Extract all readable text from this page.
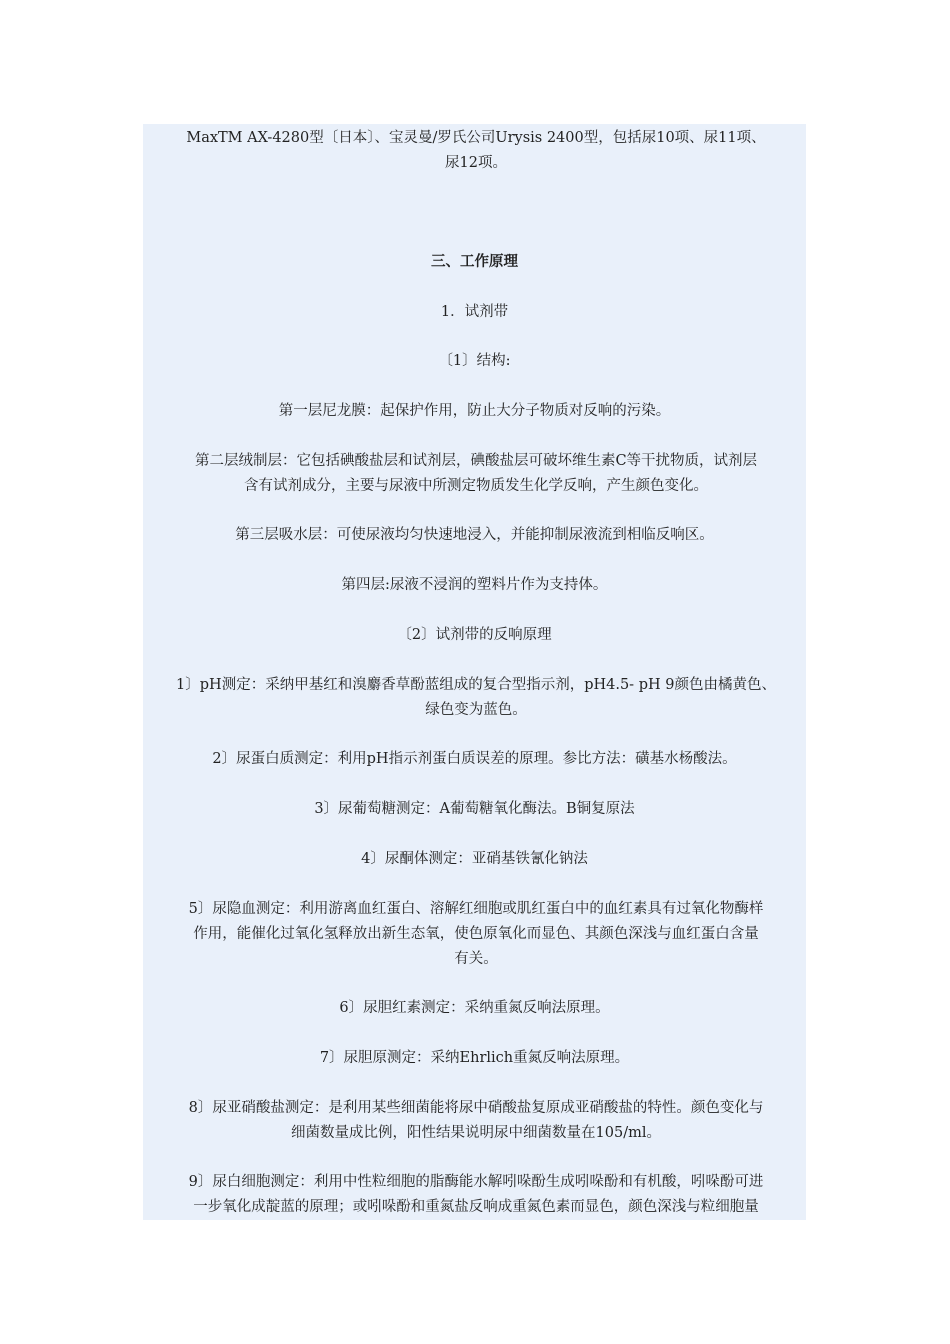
MaxTM AX-4280型〔日本〕、宝灵曼/罗氏公司Urysis 2400型，包括尿10项、尿11项、
尿12项。
三、工作原理
1．试剂带
〔1〕结构:
第一层尼龙膜：起保护作用，防止大分子物质对反响的污染。
第二层绒制层：它包括碘酸盐层和试剂层，碘酸盐层可破坏维生素C等干扰物质，试剂层
含有试剂成分，主要与尿液中所测定物质发生化学反响，产生颜色变化。
第三层吸水层：可使尿液均匀快速地浸入，并能抑制尿液流到相临反响区。
第四层:尿液不浸润的塑料片作为支持体。
〔2〕试剂带的反响原理
1〕pH测定：采纳甲基红和溴麝香草酚蓝组成的复合型指示剂，pH4.5- pH 9颜色由橘黄色、
绿色变为蓝色。
2〕尿蛋白质测定：利用pH指示剂蛋白质误差的原理。参比方法：磺基水杨酸法。
3〕尿葡萄糖测定：A葡萄糖氧化酶法。B铜复原法
4〕尿酮体测定：亚硝基铁氰化钠法
5〕尿隐血测定：利用游离血红蛋白、溶解红细胞或肌红蛋白中的血红素具有过氧化物酶样
作用，能催化过氧化氢释放出新生态氧，使色原氧化而显色、其颜色深浅与血红蛋白含量
有关。
6〕尿胆红素测定：采纳重氮反响法原理。
7〕尿胆原测定：采纳Ehrlich重氮反响法原理。
8〕尿亚硝酸盐测定：是利用某些细菌能将尿中硝酸盐复原成亚硝酸盐的特性。颜色变化与
细菌数量成比例，阳性结果说明尿中细菌数量在105/ml。
9〕尿白细胞测定：利用中性粒细胞的脂酶能水解吲哚酚生成吲哚酚和有机酸，吲哚酚可进
一步氧化成靛蓝的原理；或吲哚酚和重氮盐反响成重氮色素而显色，颜色深浅与粒细胞量
